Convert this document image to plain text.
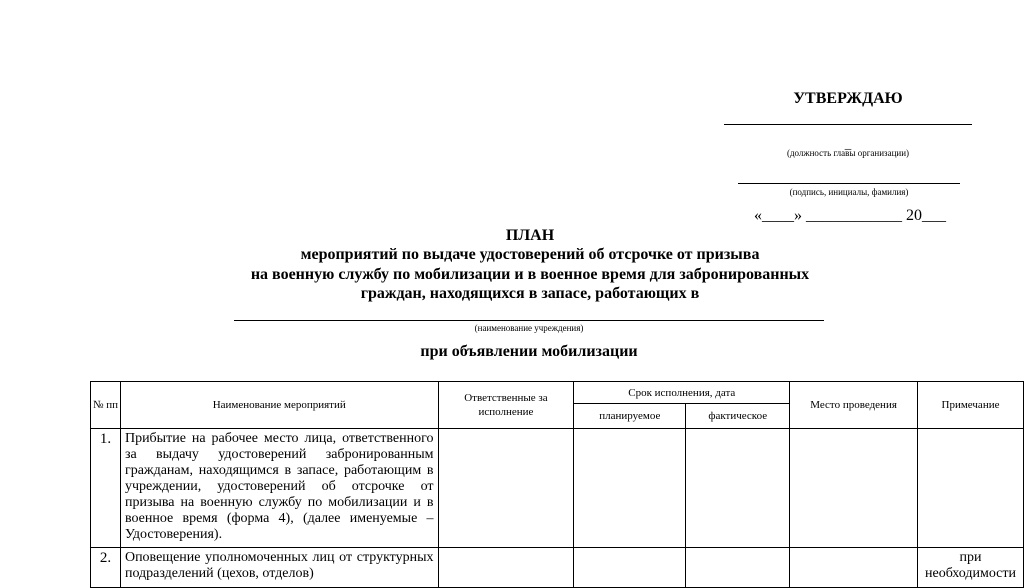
УТВЕРЖДАЮ
_
(должность главы организации)
(подпись, инициалы, фамилия)
«____» ____________ 20___
ПЛАН
мероприятий по выдаче удостоверений об отсрочке от призыва
на военную службу по мобилизации и в военное время для забронированных
граждан, находящихся в запасе, работающих в
(наименование учреждения)
при объявлении мобилизации
№ пп	Наименование мероприятий	Ответственные за исполнение	Срок исполнения, дата		Место проведения	Примечание
			планируемое	фактическое		
1.	Прибытие на рабочее место лица, ответственного за выдачу удостоверений забронированным гражданам, находящимся в запасе, работающим в учреждении, удостоверений об отсрочке от призыва на военную службу по мобилизации и в военное время (форма 4), (далее именуемые – Удостоверения).					
2.	Оповещение уполномоченных лиц от структурных подразделений (цехов, отделов)					при необходимости
